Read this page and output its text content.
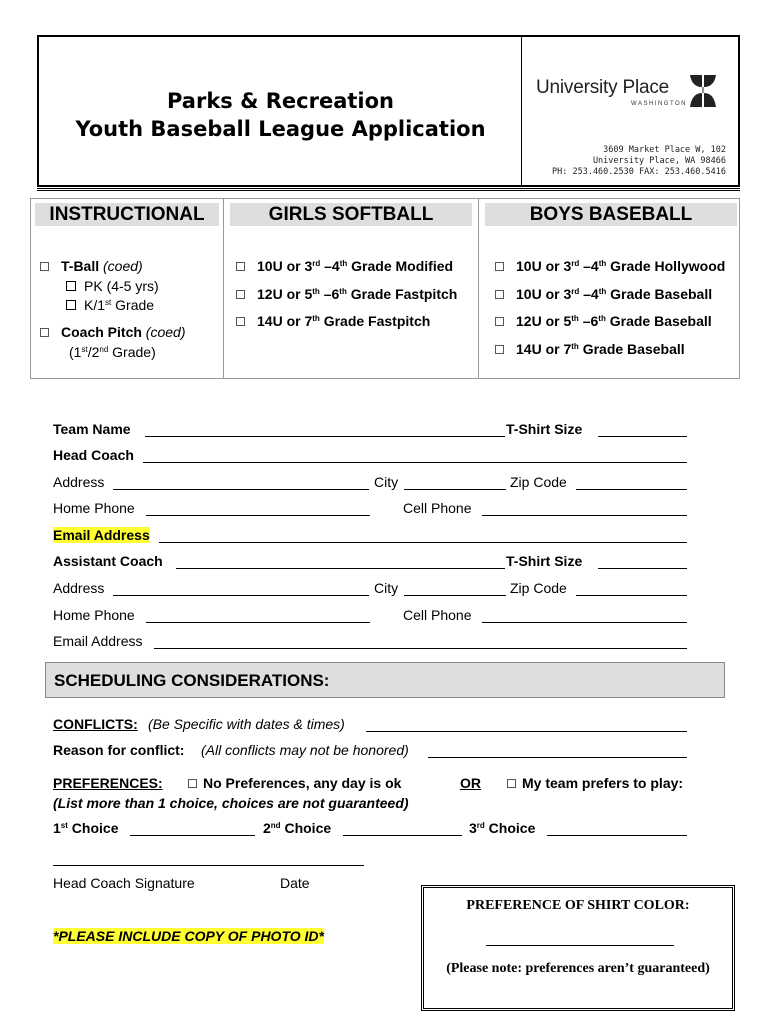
Parks & Recreation
Youth Baseball League Application
University Place
WASHINGTON
3609 Market Place W, 102
University Place, WA 98466
PH: 253.460.2530 FAX: 253.460.5416
INSTRUCTIONAL
T-Ball (coed)
PK (4-5 yrs)
K/1st Grade
Coach Pitch (coed)
(1st/2nd Grade)
GIRLS SOFTBALL
10U or 3rd –4th Grade Modified
12U or 5th –6th Grade Fastpitch
14U or 7th Grade Fastpitch
BOYS BASEBALL
10U or 3rd –4th Grade Hollywood
10U or 3rd –4th Grade Baseball
12U or 5th –6th Grade Baseball
14U or 7th Grade Baseball
Team Name	T-Shirt Size
Head Coach
Address	City	Zip Code
Home Phone	Cell Phone
Email Address
Assistant Coach	T-Shirt Size
Address	City	Zip Code
Home Phone	Cell Phone
Email Address
SCHEDULING CONSIDERATIONS:
CONFLICTS: (Be Specific with dates & times)
Reason for conflict: (All conflicts may not be honored)
PREFERENCES:	No Preferences, any day is ok	OR	My team prefers to play:
(List more than 1 choice, choices are not guaranteed)
1st Choice	2nd Choice	3rd Choice
Head Coach Signature	Date
*PLEASE INCLUDE COPY OF PHOTO ID*
PREFERENCE OF SHIRT COLOR:
(Please note: preferences aren’t guaranteed)
